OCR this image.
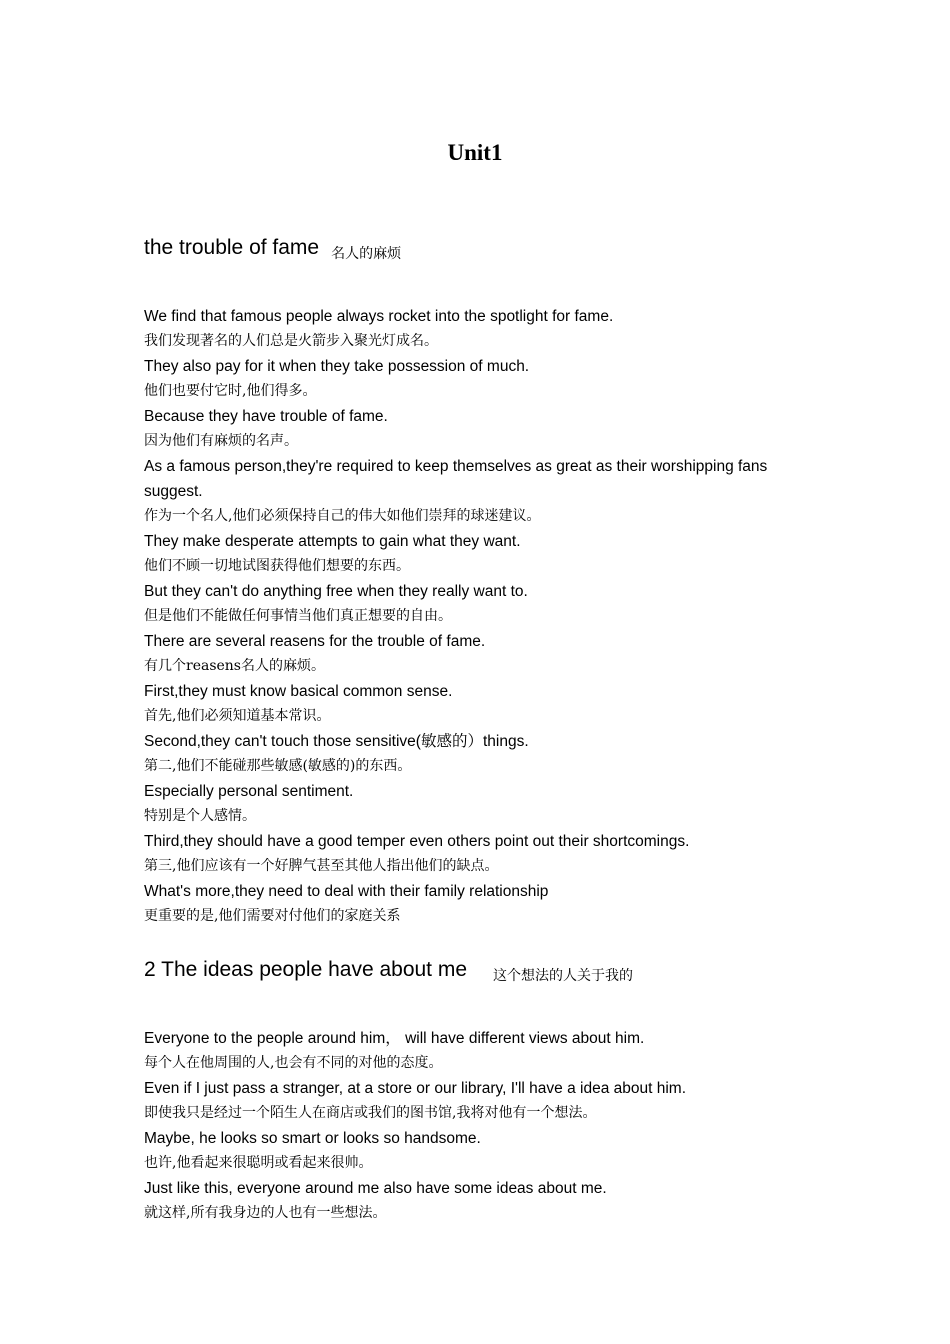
Unit1
the trouble of fame 名人的麻烦

We find that famous people always rocket into the spotlight for fame.

我们发现著名的人们总是火箭步入聚光灯成名。

They also pay for it when they take possession of much.

他们也要付它时,他们得多。

Because they have trouble of fame.

因为他们有麻烦的名声。

As a famous person,they're required to keep themselves as great as their worshipping fans suggest.

作为一个名人,他们必须保持自己的伟大如他们崇拜的球迷建议。

They make desperate attempts to gain what they want.

他们不顾一切地试图获得他们想要的东西。

But they can't do anything free when they really want to.

但是他们不能做任何事情当他们真正想要的自由。

There are several reasens for the trouble of fame.

有几个reasens名人的麻烦。

First,they must know basical common sense.

首先,他们必须知道基本常识。

Second,they can't touch those sensitive(敏感的）things.

第二,他们不能碰那些敏感(敏感的)的东西。

Especially personal sentiment.

特别是个人感情。

Third,they should have a good temper even others point out their shortcomings.

第三,他们应该有一个好脾气甚至其他人指出他们的缺点。

What's more,they need to deal with their family relationship

更重要的是,他们需要对付他们的家庭关系

2 The ideas people have about me 这个想法的人关于我的

Everyone to the people around him， will have different views about him.

每个人在他周围的人,也会有不同的对他的态度。

Even if I just pass a stranger, at a store or our library, I'll have a idea about him.

即使我只是经过一个陌生人在商店或我们的图书馆,我将对他有一个想法。

Maybe, he looks so smart or looks so handsome.

也许,他看起来很聪明或看起来很帅。

Just like this, everyone around me also have some ideas about me.

就这样,所有我身边的人也有一些想法。
